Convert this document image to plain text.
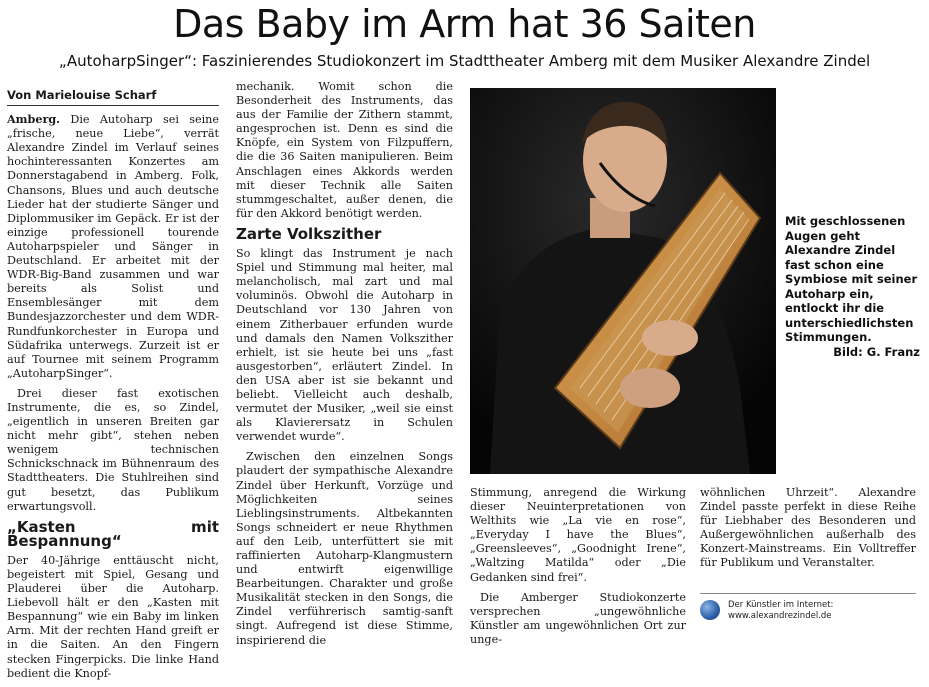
Das Baby im Arm hat 36 Saiten
„AutoharpSinger“: Faszinierendes Studiokonzert im Stadttheater Amberg mit dem Musiker Alexandre Zindel
Von Marielouise Scharf

Amberg. Die Autoharp sei seine „frische, neue Liebe“, verrät Alexandre Zindel im Verlauf seines hochinteressanten Konzertes am Donnerstagabend in Amberg. Folk, Chansons, Blues und auch deutsche Lieder hat der studierte Sänger und Diplommusiker im Gepäck. Er ist der einzige professionell tourende Autoharpspieler und Sänger in Deutschland. Er arbeitet mit der WDR-Big-Band zusammen und war bereits als Solist und Ensemblesänger mit dem Bundesjazzorchester und dem WDR-Rundfunkorchester in Europa und Südafrika unterwegs. Zurzeit ist er auf Tournee mit seinem Programm „AutoharpSinger“.

Drei dieser fast exotischen Instrumente, die es, so Zindel, „eigentlich in unseren Breiten gar nicht mehr gibt“, stehen neben wenigem technischen Schnickschnack im Bühnenraum des Stadttheaters. Die Stuhlreihen sind gut besetzt, das Publikum erwartungsvoll.

„Kasten mit Bespannung“

Der 40-Jährige enttäuscht nicht, begeistert mit Spiel, Gesang und Plauderei über die Autoharp. Liebevoll hält er den „Kasten mit Bespannung“ wie ein Baby im linken Arm. Mit der rechten Hand greift er in die Saiten. An den Fingern stecken Fingerpicks. Die linke Hand bedient die Knopf-

mechanik. Womit schon die Besonderheit des Instruments, das aus der Familie der Zithern stammt, angesprochen ist. Denn es sind die Knöpfe, ein System von Filzpuffern, die die 36 Saiten manipulieren. Beim Anschlagen eines Akkords werden mit dieser Technik alle Saiten stummgeschaltet, außer denen, die für den Akkord benötigt werden.

Zarte Volkszither

So klingt das Instrument je nach Spiel und Stimmung mal heiter, mal melancholisch, mal zart und mal voluminös. Obwohl die Autoharp in Deutschland vor 130 Jahren von einem Zitherbauer erfunden wurde und damals den Namen Volkszither erhielt, ist sie heute bei uns „fast ausgestorben“, erläutert Zindel. In den USA aber ist sie bekannt und beliebt. Vielleicht auch deshalb, vermutet der Musiker, „weil sie einst als Klavierersatz in Schulen verwendet wurde“.

Zwischen den einzelnen Songs plaudert der sympathische Alexandre Zindel über Herkunft, Vorzüge und Möglichkeiten seines Lieblingsinstruments. Altbekannten Songs schneidert er neue Rhythmen auf den Leib, unterfüttert sie mit raffinierten Autoharp-Klangmustern und entwirft eigenwillige Bearbeitungen. Charakter und große Musikalität stecken in den Songs, die Zindel verführerisch samtig-sanft singt. Aufregend ist diese Stimme, inspirierend die

Mit geschlossenen Augen geht Alexandre Zindel fast schon eine Symbiose mit seiner Autoharp ein, entlockt ihr die unterschiedlichsten Stimmungen.
Bild: G. Franz

Stimmung, anregend die Wirkung dieser Neuinterpretationen von Welthits wie „La vie en rose“, „Everyday I have the Blues“, „Greensleeves“, „Goodnight Irene“, „Waltzing Matilda“ oder „Die Gedanken sind frei“.

Die Amberger Studiokonzerte versprechen „ungewöhnliche Künstler am ungewöhnlichen Ort zur unge-

wöhnlichen Uhrzeit“. Alexandre Zindel passte perfekt in diese Reihe für Liebhaber des Besonderen und Außergewöhnlichen außerhalb des Konzert-Mainstreams. Ein Volltreffer für Publikum und Veranstalter.

Der Künstler im Internet:
www.alexandrezindel.de
